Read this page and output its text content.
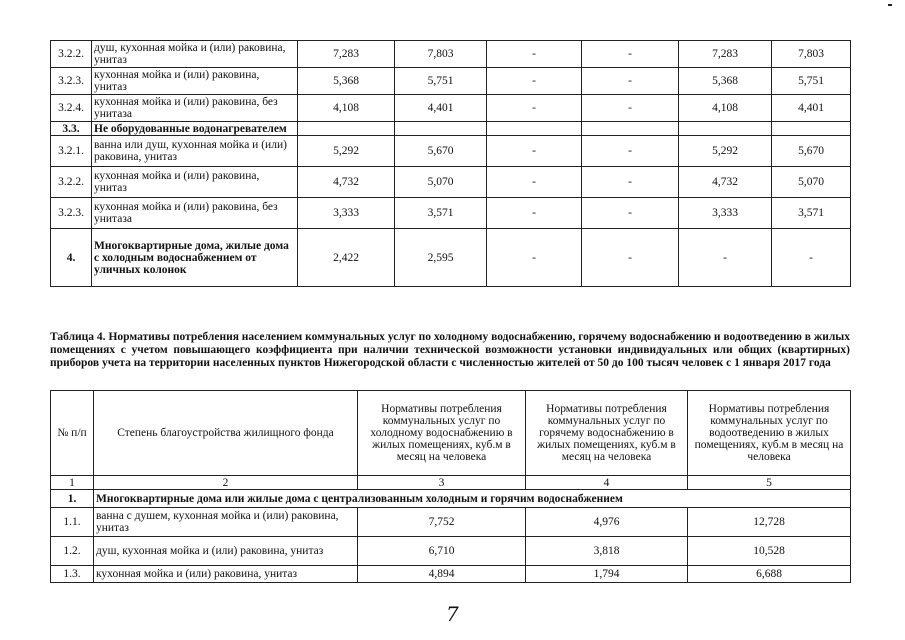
3.2.2.	душ, кухонная мойка и (или) раковина, унитаз	7,283	7,803	-	-	7,283	7,803
3.2.3.	кухонная мойка и (или) раковина, унитаз	5,368	5,751	-	-	5,368	5,751
3.2.4.	кухонная мойка и (или) раковина, без унитаза	4,108	4,401	-	-	4,108	4,401
3.3.	Не оборудованные водонагревателем						
3.2.1.	ванна или душ, кухонная мойка и (или) раковина, унитаз	5,292	5,670	-	-	5,292	5,670
3.2.2.	кухонная мойка и (или) раковина, унитаз	4,732	5,070	-	-	4,732	5,070
3.2.3.	кухонная мойка и (или) раковина, без унитаза	3,333	3,571	-	-	3,333	3,571
4.	Многоквартирные дома, жилые дома с холодным водоснабжением от уличных колонок	2,422	2,595	-	-	-	-
Таблица 4. Нормативы потребления населением коммунальных услуг по холодному водоснабжению, горячему водоснабжению и водоотведению в жилых помещениях с учетом повышающего коэффициента при наличии технической возможности установки индивидуальных или общих (квартирных) приборов учета на территории населенных пунктов Нижегородской области с численностью жителей от 50 до 100 тысяч человек с 1 января 2017 года
№ п/п	Степень благоустройства жилищного фонда	Нормативы потребления коммунальных услуг по холодному водоснабжению в жилых помещениях, куб.м в месяц на человека	Нормативы потребления коммунальных услуг по горячему водоснабжению в жилых помещениях, куб.м в месяц на человека	Нормативы потребления коммунальных услуг по водоотведению в жилых помещениях, куб.м в месяц на человека
1	2	3	4	5
1.	Многоквартирные дома или жилые дома с централизованным холодным и горячим водоснабжением			
1.1.	ванна с душем, кухонная мойка и (или) раковина, унитаз	7,752	4,976	12,728
1.2.	душ, кухонная мойка и (или) раковина, унитаз	6,710	3,818	10,528
1.3.	кухонная мойка и (или) раковина, унитаз	4,894	1,794	6,688
7
